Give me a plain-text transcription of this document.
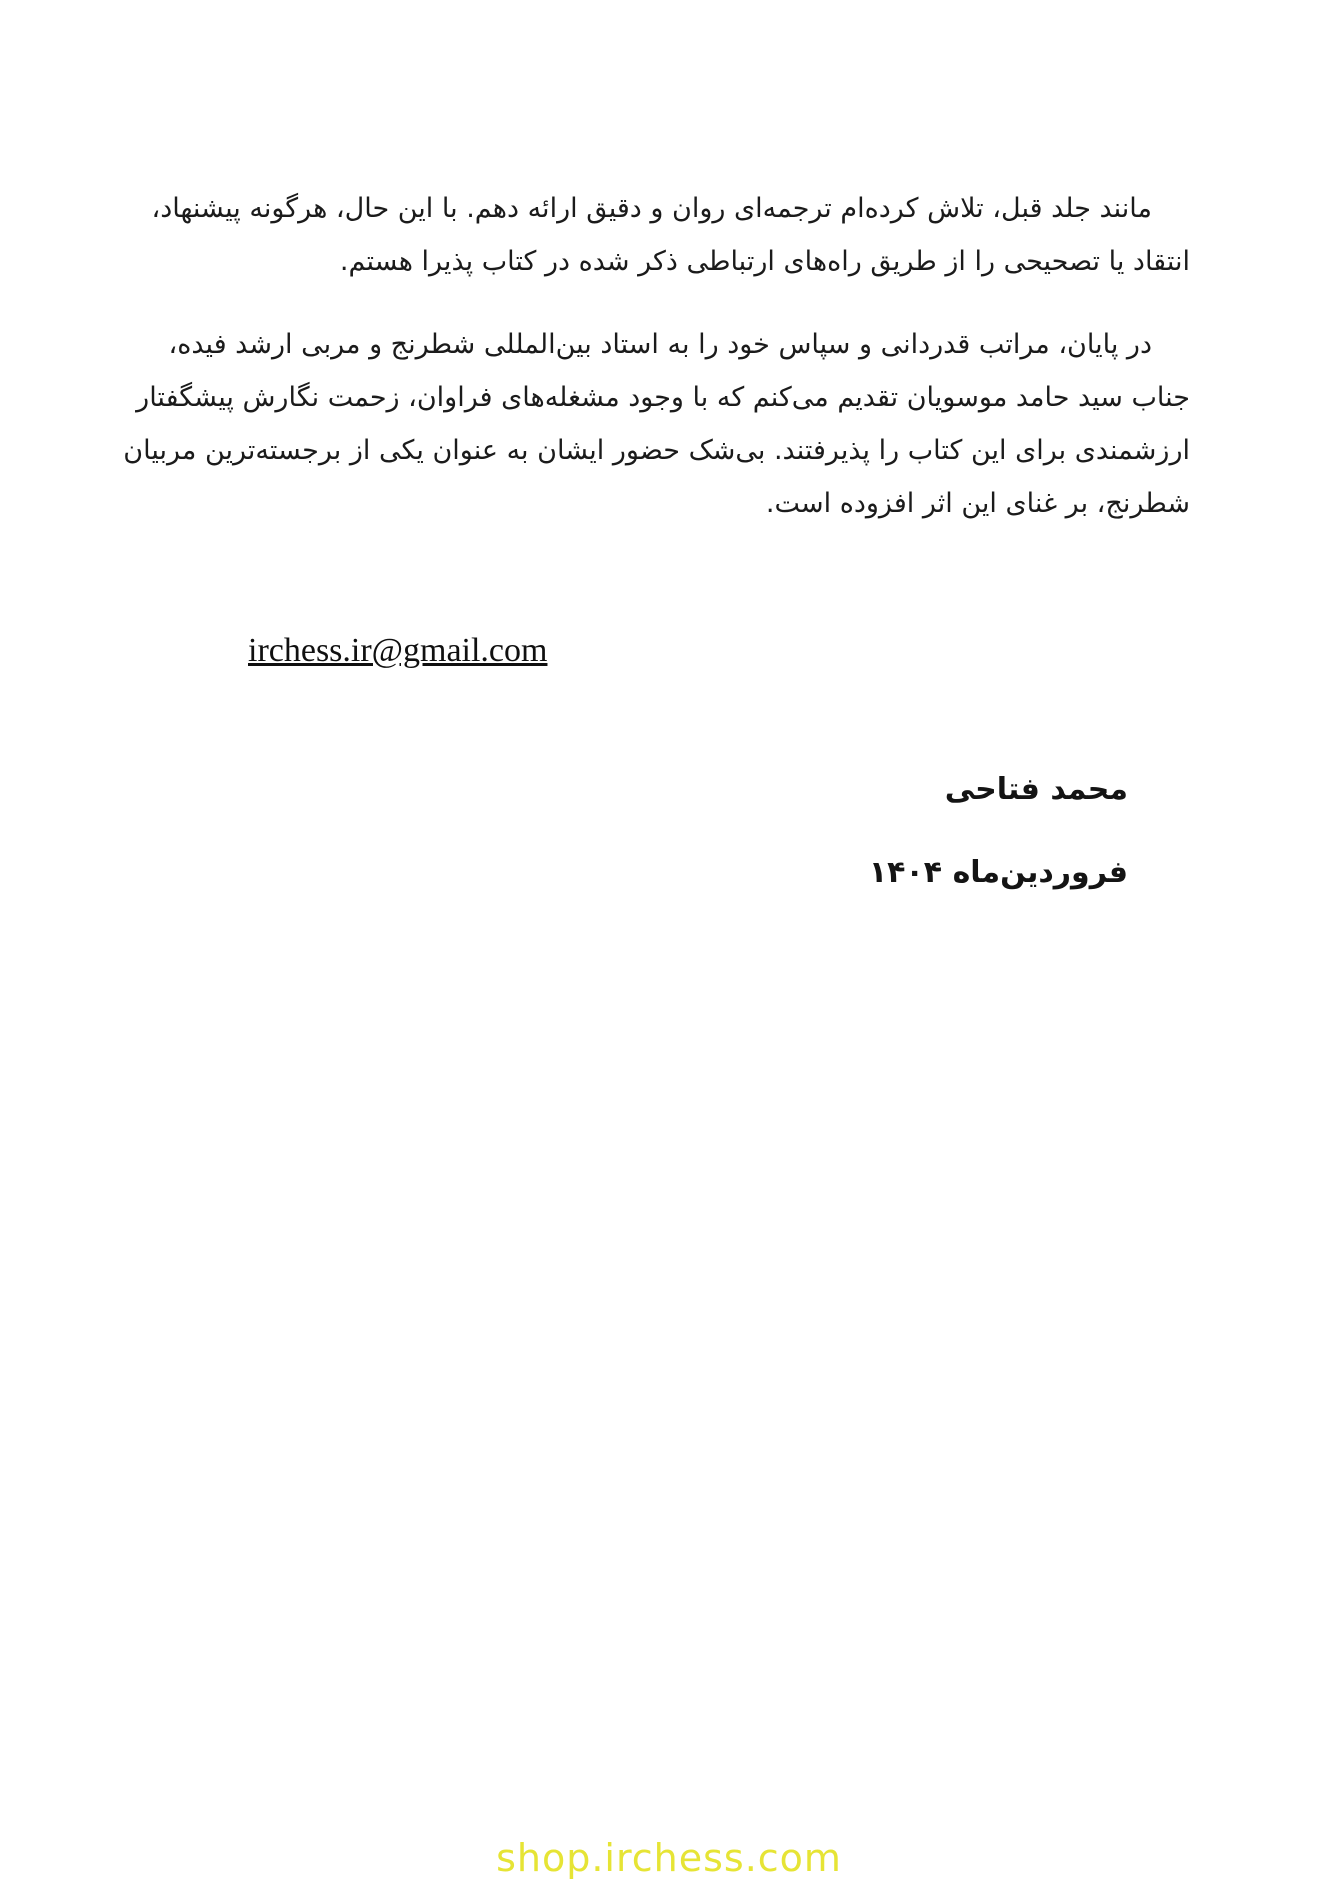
مانند جلد قبل، تلاش کرده‌ام ترجمه‌ای روان و دقیق ارائه دهم. با این حال، هرگونه پیشنهاد،
انتقاد یا تصحیحی را از طریق راه‌های ارتباطی ذکر شده در کتاب پذیرا هستم.
در پایان، مراتب قدردانی و سپاس خود را به استاد بین‌المللی شطرنج و مربی ارشد فیده،
جناب سید حامد موسویان تقدیم می‌کنم که با وجود مشغله‌های فراوان، زحمت نگارش پیشگفتار
ارزشمندی برای این کتاب را پذیرفتند. بی‌شک حضور ایشان به عنوان یکی از برجسته‌ترین مربیان
شطرنج، بر غنای این اثر افزوده است.
irchess.ir@gmail.com
محمد فتاحی
فروردین‌ماه ۱۴۰۴
shop.irchess.com
